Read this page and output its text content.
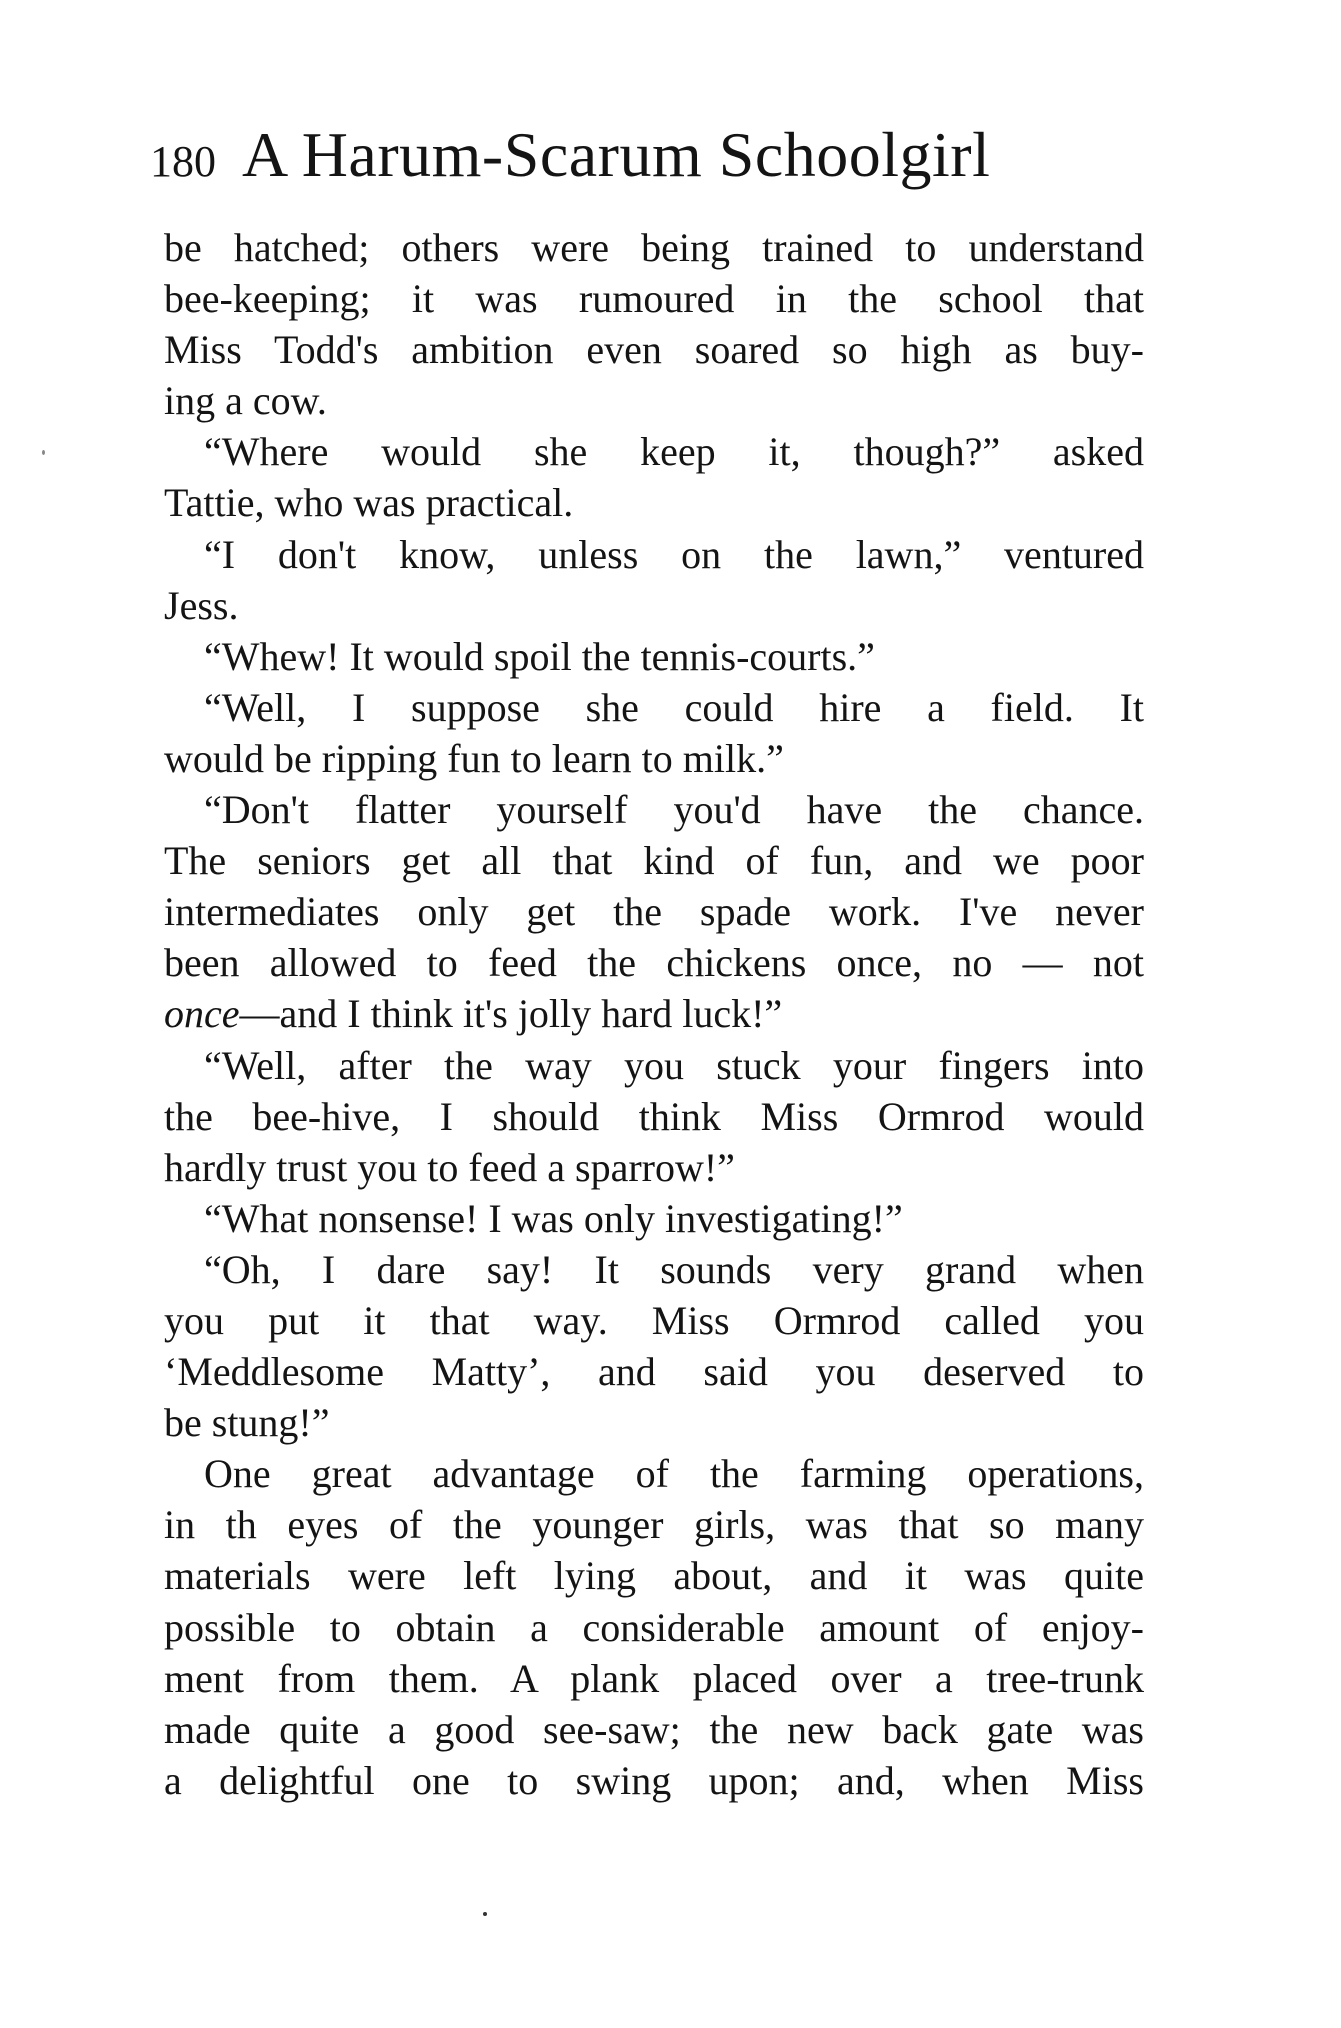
180 A Harum-Scarum Schoolgirl
be hatched; others were being trained to understand
bee-keeping; it was rumoured in the school that
Miss Todd's ambition even soared so high as buy-
ing a cow.
“Where would she keep it, though?” asked
Tattie, who was practical.
“I don't know, unless on the lawn,” ventured
Jess.
“Whew! It would spoil the tennis-courts.”
“Well, I suppose she could hire a field. It
would be ripping fun to learn to milk.”
“Don't flatter yourself you'd have the chance.
The seniors get all that kind of fun, and we poor
intermediates only get the spade work. I've never
been allowed to feed the chickens once, no — not
once—and I think it's jolly hard luck!”
“Well, after the way you stuck your fingers into
the bee-hive, I should think Miss Ormrod would
hardly trust you to feed a sparrow!”
“What nonsense! I was only investigating!”
“Oh, I dare say! It sounds very grand when
you put it that way. Miss Ormrod called you
‘Meddlesome Matty’, and said you deserved to
be stung!”
One great advantage of the farming operations,
in th eyes of the younger girls, was that so many
materials were left lying about, and it was quite
possible to obtain a considerable amount of enjoy-
ment from them. A plank placed over a tree-trunk
made quite a good see-saw; the new back gate was
a delightful one to swing upon; and, when Miss
